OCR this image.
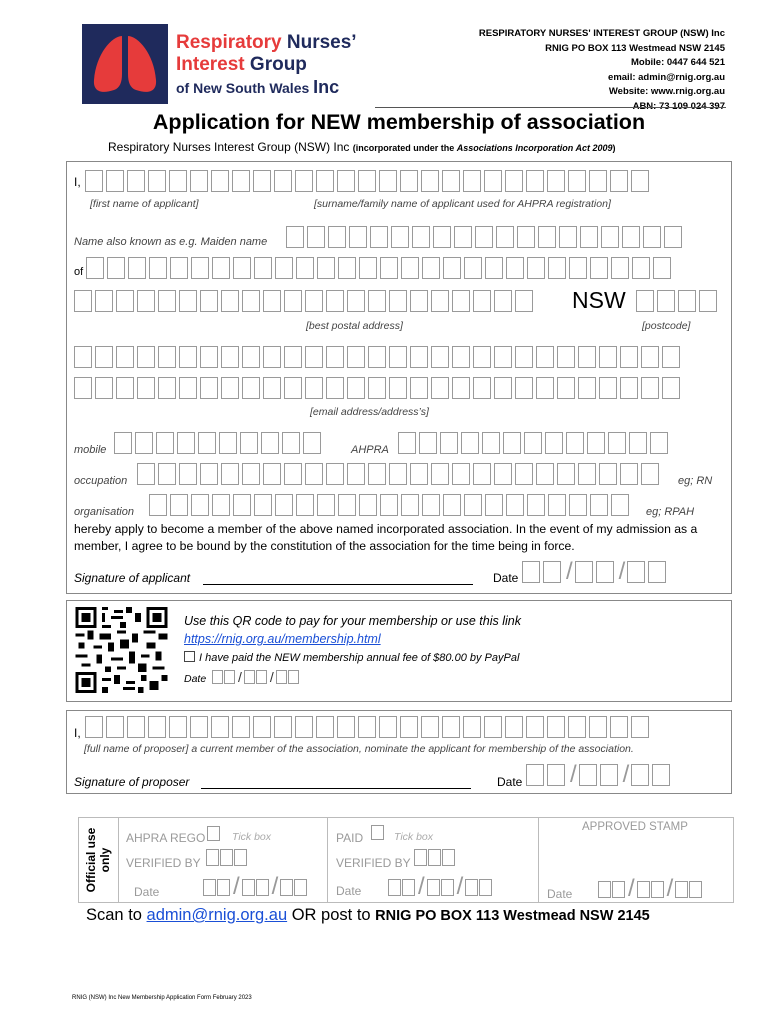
Respiratory Nurses’
Interest Group
of New South Wales Inc
RESPIRATORY NURSES' INTEREST GROUP (NSW) Inc
RNIG PO BOX 113 Westmead NSW 2145
Mobile: 0447 644 521
email: admin@rnig.org.au
Website: www.rnig.org.au
ABN: 73 109 024 397
Application for NEW membership of association
Respiratory Nurses Interest Group (NSW) Inc (incorporated under the Associations Incorporation Act 2009)
I,
[first name of applicant]	[surname/family name of applicant used for AHPRA registration]
Name also known as e.g. Maiden name
of
NSW
[best postal address]	[postcode]
[email address/address’s]
mobile	AHPRA
occupation	eg; RN
organisation	eg; RPAH
hereby apply to become a member of the above named incorporated association. In the event of my admission as a member, I agree to be bound by the constitution of the association for the time being in force.
Signature of applicant	Date / /
Use this QR code to pay for your membership or use this link
https://rnig.org.au/membership.html
I have paid the NEW membership annual fee of $80.00 by PayPal
Date / /
I,
[full name of proposer] a current member of the association, nominate the applicant for membership of the association.
Signature of proposer	Date / /
Official use only
AHPRA REGO	Tick box
VERIFIED BY
Date	/ /
PAID	Tick box
VERIFIED BY
Date / /
APPROVED STAMP
Date / /
Scan to admin@rnig.org.au OR post to RNIG PO BOX 113 Westmead NSW 2145
RNIG (NSW) Inc New Membership Application Form February 2023
